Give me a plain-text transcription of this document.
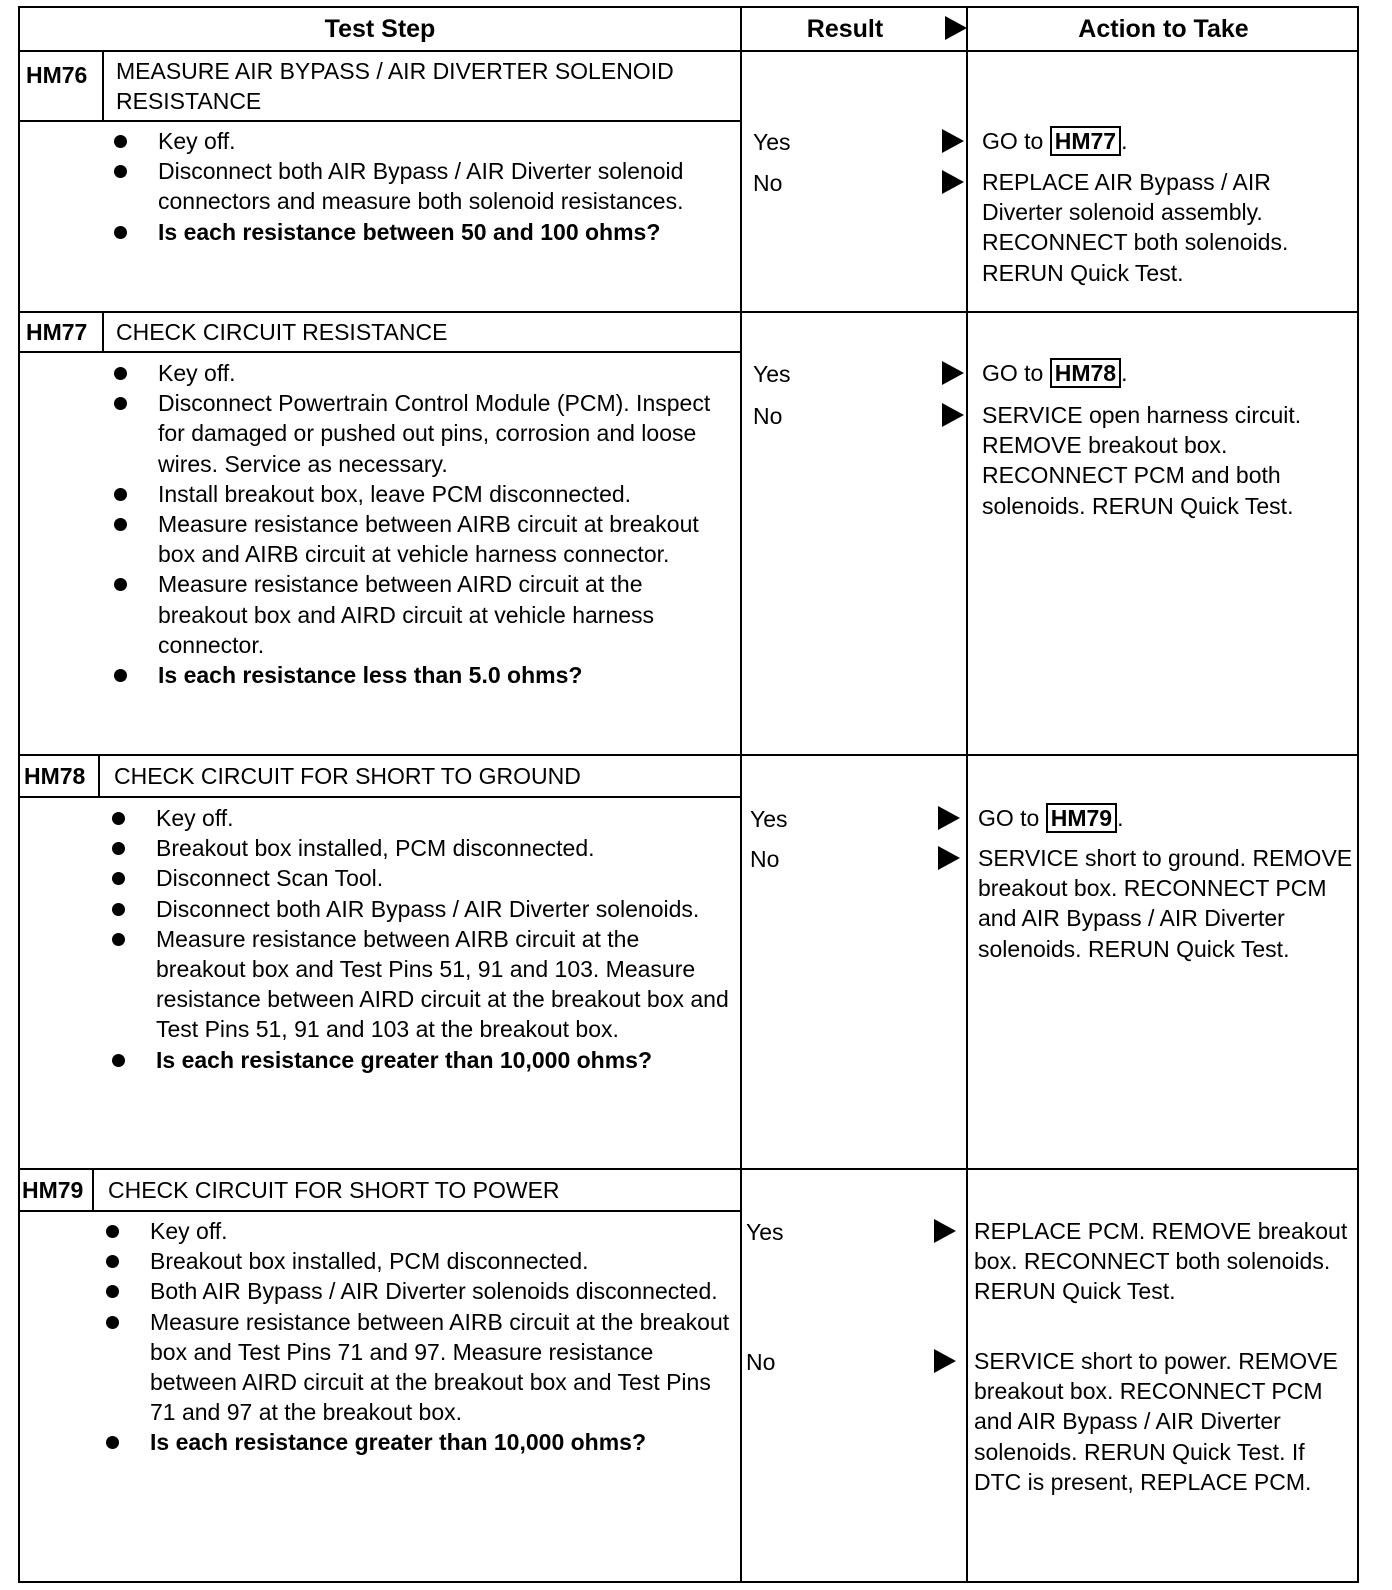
Test Step	Result	Action to Take
HM76 MEASURE AIR BYPASS / AIR DIVERTER SOLENOID RESISTANCE
Key off.
Disconnect both AIR Bypass / AIR Diverter solenoid connectors and measure both solenoid resistances.
Is each resistance between 50 and 100 ohms?
Yes	GO to HM77 .
No	REPLACE AIR Bypass / AIR Diverter solenoid assembly. RECONNECT both solenoids. RERUN Quick Test.
HM77 CHECK CIRCUIT RESISTANCE
Key off.
Disconnect Powertrain Control Module (PCM). Inspect for damaged or pushed out pins, corrosion and loose wires. Service as necessary.
Install breakout box, leave PCM disconnected.
Measure resistance between AIRB circuit at breakout box and AIRB circuit at vehicle harness connector.
Measure resistance between AIRD circuit at the breakout box and AIRD circuit at vehicle harness connector.
Is each resistance less than 5.0 ohms?
Yes	GO to HM78 .
No	SERVICE open harness circuit. REMOVE breakout box. RECONNECT PCM and both solenoids. RERUN Quick Test.
HM78 CHECK CIRCUIT FOR SHORT TO GROUND
Key off.
Breakout box installed, PCM disconnected.
Disconnect Scan Tool.
Disconnect both AIR Bypass / AIR Diverter solenoids.
Measure resistance between AIRB circuit at the breakout box and Test Pins 51, 91 and 103. Measure resistance between AIRD circuit at the breakout box and Test Pins 51, 91 and 103 at the breakout box.
Is each resistance greater than 10,000 ohms?
Yes	GO to HM79 .
No	SERVICE short to ground. REMOVE breakout box. RECONNECT PCM and AIR Bypass / AIR Diverter solenoids. RERUN Quick Test.
HM79 CHECK CIRCUIT FOR SHORT TO POWER
Key off.
Breakout box installed, PCM disconnected.
Both AIR Bypass / AIR Diverter solenoids disconnected.
Measure resistance between AIRB circuit at the breakout box and Test Pins 71 and 97. Measure resistance between AIRD circuit at the breakout box and Test Pins 71 and 97 at the breakout box.
Is each resistance greater than 10,000 ohms?
Yes	REPLACE PCM. REMOVE breakout box. RECONNECT both solenoids. RERUN Quick Test.
No	SERVICE short to power. REMOVE breakout box. RECONNECT PCM and AIR Bypass / AIR Diverter solenoids. RERUN Quick Test. If DTC is present, REPLACE PCM.
